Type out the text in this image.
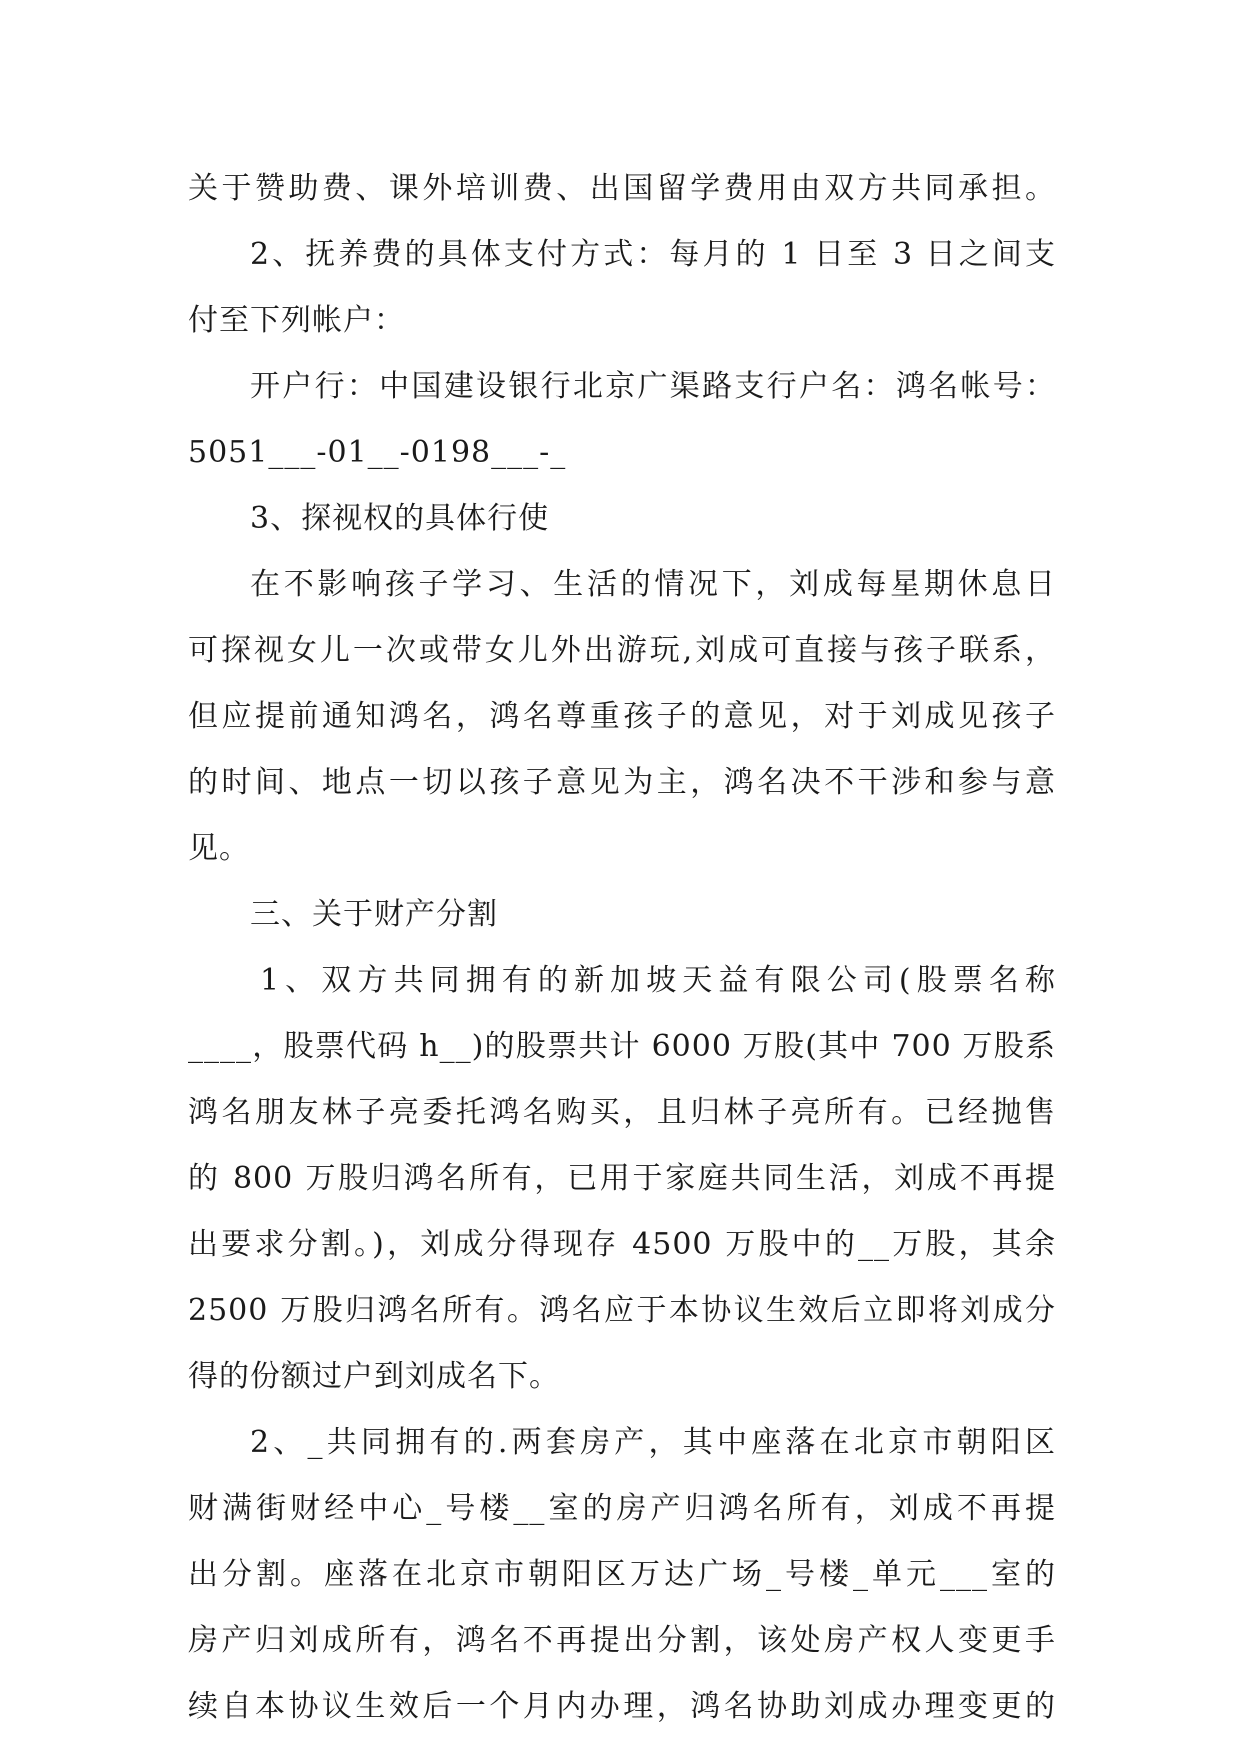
关于赞助费、课外培训费、出国留学费用由双方共同承担。
2、抚养费的具体支付方式：每月的 1 日至 3 日之间支
付至下列帐户：
开户行：中国建设银行北京广渠路支行户名：鸿名帐号：
5051___-01__-0198___-_
3、探视权的具体行使
在不影响孩子学习、生活的情况下，刘成每星期休息日
可探视女儿一次或带女儿外出游玩,刘成可直接与孩子联系，
但应提前通知鸿名，鸿名尊重孩子的意见，对于刘成见孩子
的时间、地点一切以孩子意见为主，鸿名决不干涉和参与意
见。
三、关于财产分割
1、双方共同拥有的新加坡天益有限公司(股票名称
____，股票代码 h__)的股票共计 6000 万股(其中 700 万股系
鸿名朋友林子亮委托鸿名购买，且归林子亮所有。已经抛售
的 800 万股归鸿名所有，已用于家庭共同生活，刘成不再提
出要求分割。)，刘成分得现存 4500 万股中的__万股，其余
2500 万股归鸿名所有。鸿名应于本协议生效后立即将刘成分
得的份额过户到刘成名下。
2、_共同拥有的.两套房产，其中座落在北京市朝阳区
财满街财经中心_号楼__室的房产归鸿名所有，刘成不再提
出分割。座落在北京市朝阳区万达广场_号楼_单元___室的
房产归刘成所有，鸿名不再提出分割，该处房产权人变更手
续自本协议生效后一个月内办理，鸿名协助刘成办理变更的
